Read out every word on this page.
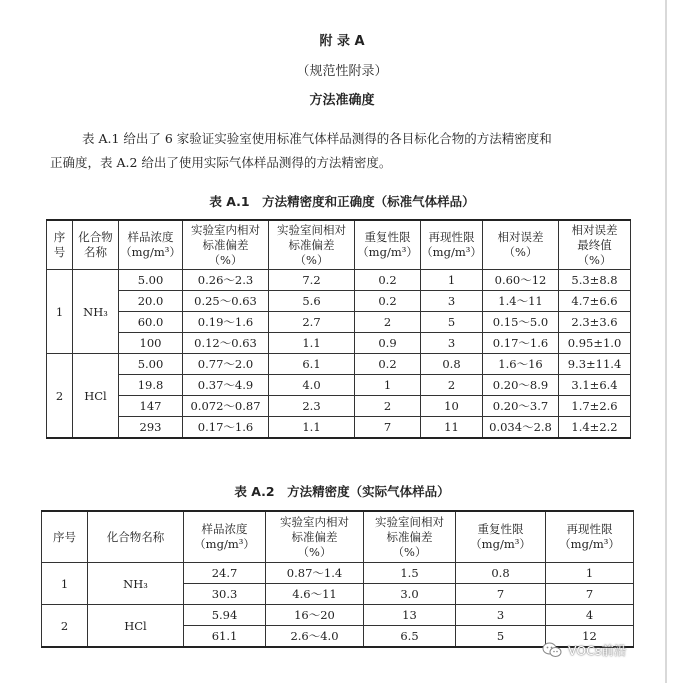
附 录 A
（规范性附录）
方法准确度
表 A.1 给出了 6 家验证实验室使用标准气体样品测得的各目标化合物的方法精密度和
正确度，表 A.2 给出了使用实际气体样品测得的方法精密度。
表 A.1　方法精密度和正确度（标准气体样品）
序
号	化合物
名称	样品浓度
（mg/m³）	实验室内相对
标准偏差
（%）	实验室间相对
标准偏差
（%）	重复性限
（mg/m³）	再现性限
（mg/m³）	相对误差
（%）	相对误差
最终值
（%）

1	NH₃	5.00	0.26～2.3	7.2	0.2	1	0.60～12	5.3±8.8
		20.0	0.25～0.63	5.6	0.2	3	1.4～11	4.7±6.6
		60.0	0.19～1.6	2.7	2	5	0.15～5.0	2.3±3.6
		100	0.12～0.63	1.1	0.9	3	0.17～1.6	0.95±1.0
2	HCl	5.00	0.77～2.0	6.1	0.2	0.8	1.6～16	9.3±11.4
		19.8	0.37～4.9	4.0	1	2	0.20～8.9	3.1±6.4
		147	0.072～0.87	2.3	2	10	0.20～3.7	1.7±2.6
		293	0.17～1.6	1.1	7	11	0.034～2.8	1.4±2.2
表 A.2　方法精密度（实际气体样品）
序号	化合物名称	样品浓度
（mg/m³）	实验室内相对
标准偏差
（%）	实验室间相对
标准偏差
（%）	重复性限
（mg/m³）	再现性限
（mg/m³）

1	NH₃	24.7	0.87～1.4	1.5	0.8	1
		30.3	4.6～11	3.0	7	7
2	HCl	5.94	16～20	13	3	4
		61.1	2.6～4.0	6.5	5	12
VOCs前沿
